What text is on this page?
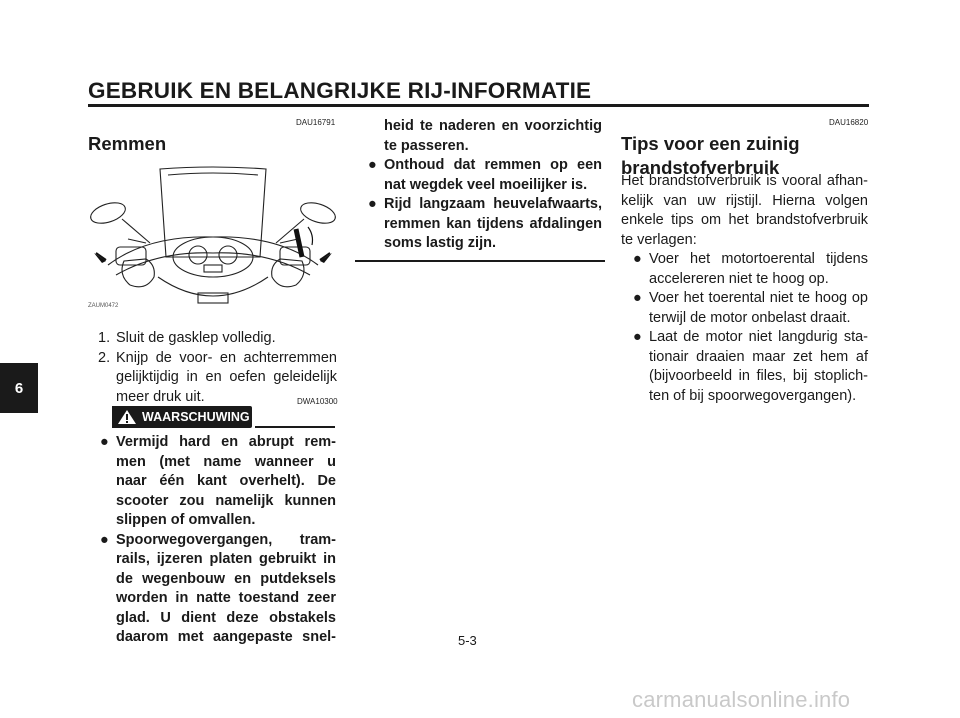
GEBRUIK EN BELANGRIJKE RIJ-INFORMATIE
6
DAU16791
Remmen
ZAUM0472
1. Sluit de gasklep volledig.
2. Knijp de voor- en achterremmen
gelijktijdig in en oefen geleidelijk
meer druk uit.	DWA10300
WAARSCHUWING
● Vermijd hard en abrupt rem-
men (met name wanneer u
naar één kant overhelt). De
scooter zou namelijk kunnen
slippen of omvallen.
● Spoorwegovergangen, tram-
rails, ijzeren platen gebruikt in
de wegenbouw en putdeksels
worden in natte toestand zeer
glad. U dient deze obstakels
daarom met aangepaste snel-
heid te naderen en voorzichtig
te passeren.
● Onthoud dat remmen op een
nat wegdek veel moeilijker is.
● Rijd langzaam heuvelafwaarts,
remmen kan tijdens afdalingen
soms lastig zijn.
DAU16820
Tips voor een zuinig
brandstofverbruik
Het brandstofverbruik is vooral afhan-
kelijk van uw rijstijl. Hierna volgen
enkele tips om het brandstofverbruik
te verlagen:
● Voer het motortoerental tijdens
accelereren niet te hoog op.
● Voer het toerental niet te hoog op
terwijl de motor onbelast draait.
● Laat de motor niet langdurig sta-
tionair draaien maar zet hem af
(bijvoorbeeld in files, bij stoplich-
ten of bij spoorwegovergangen).
5-3
carmanualsonline.info
